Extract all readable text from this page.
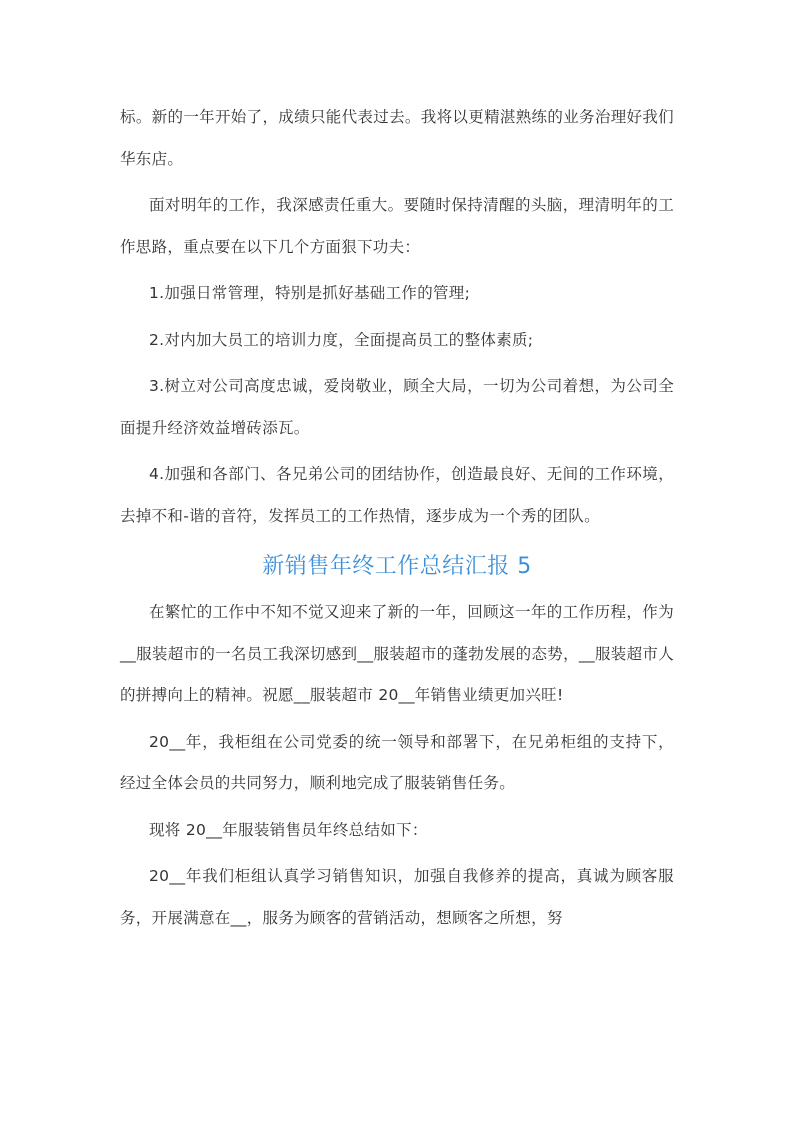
标。新的一年开始了，成绩只能代表过去。我将以更精湛熟练的业务治理好我们华东店。

面对明年的工作，我深感责任重大。要随时保持清醒的头脑，理清明年的工作思路，重点要在以下几个方面狠下功夫：

1.加强日常管理，特别是抓好基础工作的管理;

2.对内加大员工的培训力度，全面提高员工的整体素质;

3.树立对公司高度忠诚，爱岗敬业，顾全大局，一切为公司着想，为公司全面提升经济效益增砖添瓦。

4.加强和各部门、各兄弟公司的团结协作，创造最良好、无间的工作环境，去掉不和-谐的音符，发挥员工的工作热情，逐步成为一个秀的团队。

新销售年终工作总结汇报 5

在繁忙的工作中不知不觉又迎来了新的一年，回顾这一年的工作历程，作为__服装超市的一名员工我深切感到__服装超市的蓬勃发展的态势，__服装超市人的拼搏向上的精神。祝愿__服装超市 20__年销售业绩更加兴旺!

20__年，我柜组在公司党委的统一领导和部署下，在兄弟柜组的支持下，经过全体会员的共同努力，顺利地完成了服装销售任务。

现将 20__年服装销售员年终总结如下：

20__年我们柜组认真学习销售知识，加强自我修养的提高，真诚为顾客服务，开展满意在__，服务为顾客的营销活动，想顾客之所想，努
